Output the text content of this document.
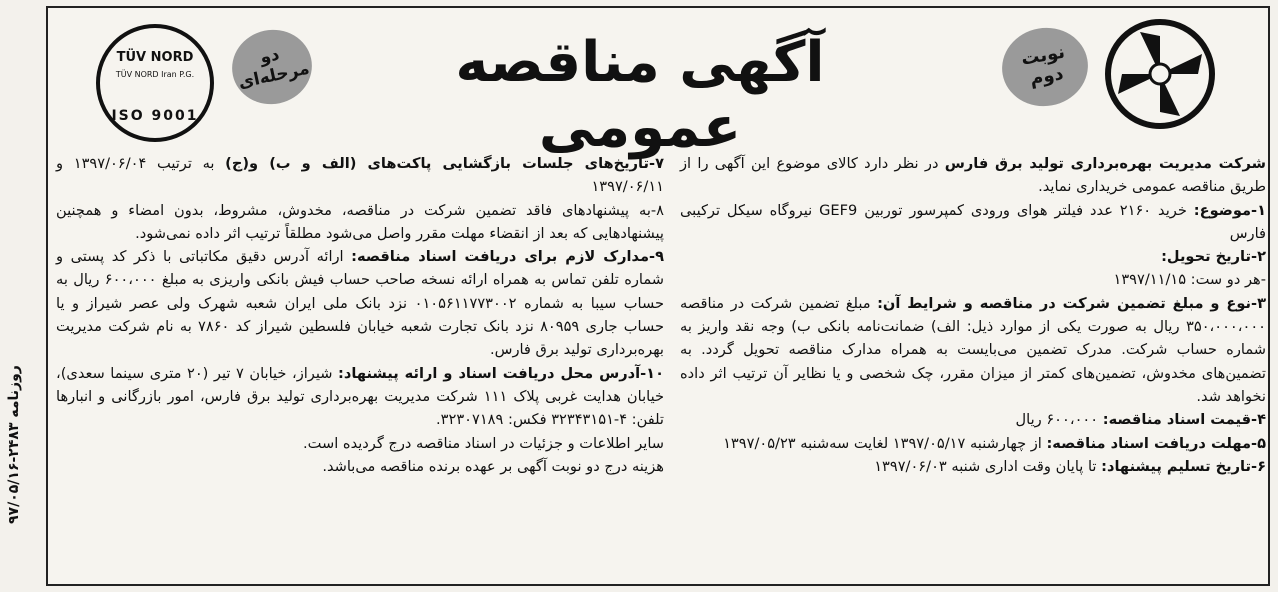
نوبت
دوم
آگهی مناقصه عمومی
دو
مرحله‌ای
TÜV NORD
TÜV NORD Iran P.G.
ISO 9001

شرکت مدیریت بهره‌برداری تولید برق فارس در نظر دارد کالای موضوع این آگهی را از طریق مناقصه عمومی خریداری نماید.

۱-موضوع: خرید ۲۱۶۰ عدد فیلتر هوای ورودی کمپرسور توربین GEF9 نیروگاه سیکل ترکیبی فارس

۲-تاریخ تحویل:

-هر دو ست: ۱۳۹۷/۱۱/۱۵

۳-نوع و مبلغ تضمین شرکت در مناقصه و شرایط آن: مبلغ تضمین شرکت در مناقصه ۳۵۰،۰۰۰،۰۰۰ ریال به صورت یکی از موارد ذیل: الف) ضمانت‌نامه بانکی ب) وجه نقد واریز به شماره حساب شرکت. مدرک تضمین می‌بایست به همراه مدارک مناقصه تحویل گردد. به تضمین‌های مخدوش، تضمین‌های کمتر از میزان مقرر، چک شخصی و یا نظایر آن ترتیب اثر داده نخواهد شد.

۴-قیمت اسناد مناقصه: ۶۰۰،۰۰۰ ریال

۵-مهلت دریافت اسناد مناقصه: از چهارشنبه ۱۳۹۷/۰۵/۱۷ لغایت سه‌شنبه ۱۳۹۷/۰۵/۲۳

۶-تاریخ تسلیم پیشنهاد: تا پایان وقت اداری شنبه ۱۳۹۷/۰۶/۰۳

۷-تاریخ‌های جلسات بازگشایی پاکت‌های (الف و ب) و(ج) به ترتیب ۱۳۹۷/۰۶/۰۴ و ۱۳۹۷/۰۶/۱۱

۸-به پیشنهادهای فاقد تضمین شرکت در مناقصه، مخدوش، مشروط، بدون امضاء و همچنین پیشنهادهایی که بعد از انقضاء مهلت مقرر واصل می‌شود مطلقاً ترتیب اثر داده نمی‌شود.

۹-مدارک لازم برای دریافت اسناد مناقصه: ارائه آدرس دقیق مکاتباتی با ذکر کد پستی و شماره تلفن تماس به همراه ارائه نسخه صاحب حساب فیش بانکی واریزی به مبلغ ۶۰۰،۰۰۰ ریال به حساب سیبا به شماره ۰۱۰۵۶۱۱۷۷۳۰۰۲ نزد بانک ملی ایران شعبه شهرک ولی عصر شیراز و یا حساب جاری ۸۰۹۵۹ نزد بانک تجارت شعبه خیابان فلسطین شیراز کد ۷۸۶۰ به نام شرکت مدیریت بهره‌برداری تولید برق فارس.

۱۰-آدرس محل دریافت اسناد و ارائه پیشنهاد: شیراز، خیابان ۷ تیر (۲۰ متری سینما سعدی)، خیابان هدایت غربی پلاک ۱۱۱ شرکت مدیریت بهره‌برداری تولید برق فارس، امور بازرگانی و انبارها تلفن: ۴-۳۲۳۴۳۱۵۱ فکس: ۳۲۳۰۷۱۸۹.

سایر اطلاعات و جزئیات در اسناد مناقصه درج گردیده است.

هزینه درج دو نوبت آگهی بر عهده برنده مناقصه می‌باشد.

روزنامه ۲۴۸۳-۹۷/۰۵/۱۶
